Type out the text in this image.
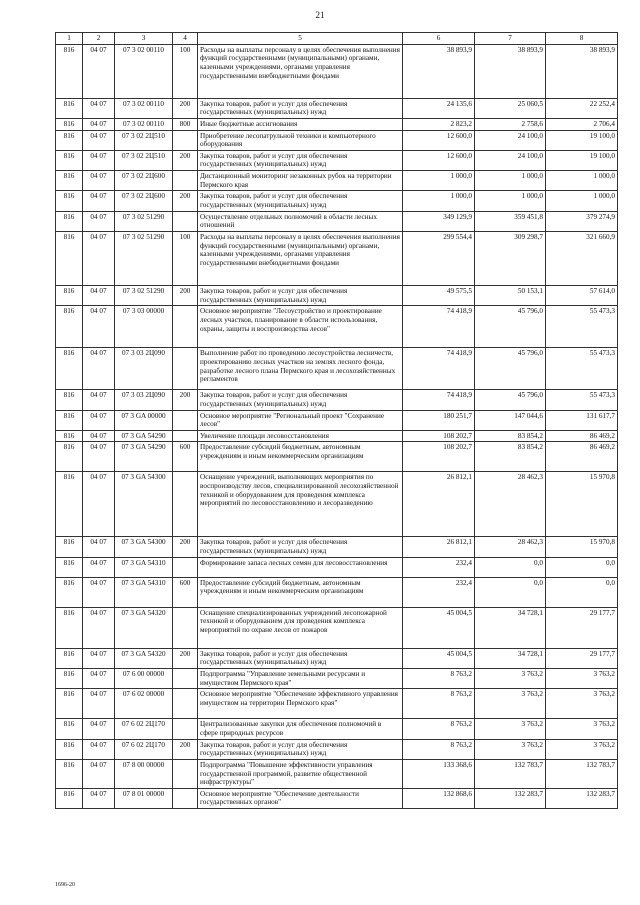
21
1	2	3	4	5	6	7	8
816	04 07	07 3 02 00110	100	Расходы на выплаты персоналу в целях обеспечения выполнения функций государственными (муниципальными) органами, казенными учреждениями, органами управления государственными внебюджетными фондами	38 893,9	38 893,9	38 893,9
816	04 07	07 3 02 00110	200	Закупка товаров, работ и услуг для обеспечения государственных (муниципальных) нужд	24 135,6	25 060,5	22 252,4
816	04 07	07 3 02 00110	800	Иные бюджетные ассигнования	2 823,2	2 758,6	2 706,4
816	04 07	07 3 02 2Ц510		Приобретение лесопатрульной техники и компьютерного оборудования	12 600,0	24 100,0	19 100,0
816	04 07	07 3 02 2Ц510	200	Закупка товаров, работ и услуг для обеспечения государственных (муниципальных) нужд	12 600,0	24 100,0	19 100,0
816	04 07	07 3 02 2Ц600		Дистанционный мониторинг незаконных рубок на территории Пермского края	1 000,0	1 000,0	1 000,0
816	04 07	07 3 02 2Ц600	200	Закупка товаров, работ и услуг для обеспечения государственных (муниципальных) нужд	1 000,0	1 000,0	1 000,0
816	04 07	07 3 02 51290		Осуществление отдельных полномочий в области лесных отношений	349 129,9	359 451,8	379 274,9
816	04 07	07 3 02 51290	100	Расходы на выплаты персоналу в целях обеспечения выполнения функций государственными (муниципальными) органами, казенными учреждениями, органами управления государственными внебюджетными фондами	299 554,4	309 298,7	321 660,9
816	04 07	07 3 02 51290	200	Закупка товаров, работ и услуг для обеспечения государственных (муниципальных) нужд	49 575,5	50 153,1	57 614,0
816	04 07	07 3 03 00000		Основное мероприятие "Лесоустройство и проектирование лесных участков, планирование в области использования, охраны, защиты и воспроизводства лесов"	74 418,9	45 796,0	55 473,3
816	04 07	07 3 03 2Ц090		Выполнение работ по проведению лесоустройства лесничеств, проектированию лесных участков на землях лесного фонда, разработке лесного плана Пермского края и лесохозяйственных регламентов	74 418,9	45 796,0	55 473,3
816	04 07	07 3 03 2Ц090	200	Закупка товаров, работ и услуг для обеспечения государственных (муниципальных) нужд	74 418,9	45 796,0	55 473,3
816	04 07	07 3 GA 00000		Основное мероприятие "Региональный проект "Сохранение лесов"	180 251,7	147 044,6	131 617,7
816	04 07	07 3 GA 54290		Увеличение площади лесовосстановления	108 202,7	83 854,2	86 469,2
816	04 07	07 3 GA 54290	600	Предоставление субсидий бюджетным, автономным учреждениям и иным некоммерческим организациям	108 202,7	83 854,2	86 469,2
816	04 07	07 3 GA 54300		Оснащение учреждений, выполняющих мероприятия по воспроизводству лесов, специализированной лесохозяйственной техникой и оборудованием для проведения комплекса мероприятий по лесовосстановлению и лесоразведению	26 812,1	28 462,3	15 970,8
816	04 07	07 3 GA 54300	200	Закупка товаров, работ и услуг для обеспечения государственных (муниципальных) нужд	26 812,1	28 462,3	15 970,8
816	04 07	07 3 GA 54310		Формирование запаса лесных семян для лесовосстановления	232,4	0,0	0,0
816	04 07	07 3 GA 54310	600	Предоставление субсидий бюджетным, автономным учреждениям и иным некоммерческим организациям	232,4	0,0	0,0
816	04 07	07 3 GA 54320		Оснащение специализированных учреждений лесопожарной техникой и оборудованием для проведения комплекса мероприятий по охране лесов от пожаров	45 004,5	34 728,1	29 177,7
816	04 07	07 3 GA 54320	200	Закупка товаров, работ и услуг для обеспечения государственных (муниципальных) нужд	45 004,5	34 728,1	29 177,7
816	04 07	07 6 00 00000		Подпрограмма "Управление земельными ресурсами и имуществом Пермского края"	8 763,2	3 763,2	3 763,2
816	04 07	07 6 02 00000		Основное мероприятие "Обеспечение эффективного управления имуществом на территории Пермского края"	8 763,2	3 763,2	3 763,2
816	04 07	07 6 02 2Ц170		Централизованные закупки для обеспечения полномочий в сфере природных ресурсов	8 763,2	3 763,2	3 763,2
816	04 07	07 6 02 2Ц170	200	Закупка товаров, работ и услуг для обеспечения государственных (муниципальных) нужд	8 763,2	3 763,2	3 763,2
816	04 07	07 8 00 00000		Подпрограмма "Повышение эффективности управления государственной программой, развитие общественной инфраструктуры"	133 368,6	132 783,7	132 783,7
816	04 07	07 8 01 00000		Основное мероприятие "Обеспечение деятельности государственных органов"	132 868,6	132 283,7	132 283,7
1696-20
